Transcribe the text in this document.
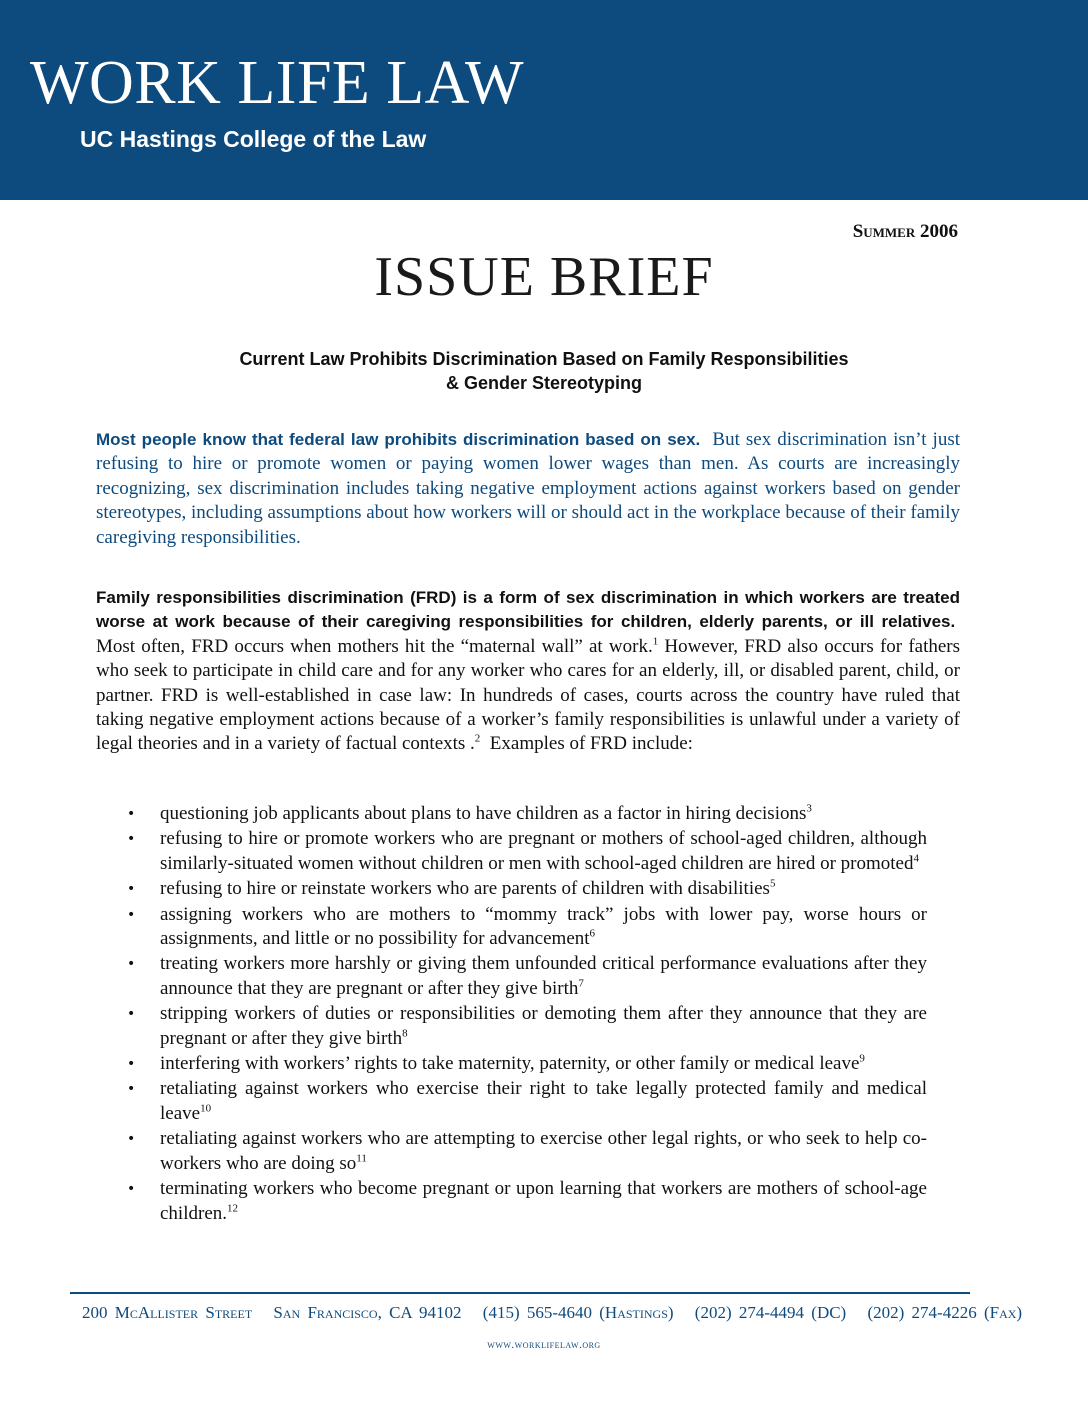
WORK LIFE LAW
UC Hastings College of the Law
Summer 2006
ISSUE BRIEF
Current Law Prohibits Discrimination Based on Family Responsibilities
& Gender Stereotyping

Most people know that federal law prohibits discrimination based on sex. But sex discrimination isn’t just refusing to hire or promote women or paying women lower wages than men. As courts are increasingly recognizing, sex discrimination includes taking negative employment actions against workers based on gender stereotypes, including assumptions about how workers will or should act in the workplace because of their family caregiving responsibilities.

Family responsibilities discrimination (FRD) is a form of sex discrimination in which workers are treated worse at work because of their caregiving responsibilities for children, elderly parents, or ill relatives.  Most often, FRD occurs when mothers hit the “maternal wall” at work.$^1$ However, FRD also occurs for fathers who seek to participate in child care and for any worker who cares for an elderly, ill, or disabled parent, child, or partner. FRD is well-established in case law: In hundreds of cases, courts across the country have ruled that taking negative employment actions because of a worker’s family responsibilities is unlawful under a variety of legal theories and in a variety of factual contexts .$^2$ Examples of FRD include:

• questioning job applicants about plans to have children as a factor in hiring decisions$^3$
• refusing to hire or promote workers who are pregnant or mothers of school-aged children, although similarly-situated women without children or men with school-aged children are hired or promoted$^4$
• refusing to hire or reinstate workers who are parents of children with disabilities$^5$
• assigning workers who are mothers to “mommy track” jobs with lower pay, worse hours or assignments, and little or no possibility for advancement$^6$
• treating workers more harshly or giving them unfounded critical performance evaluations after they announce that they are pregnant or after they give birth$^7$
• stripping workers of duties or responsibilities or demoting them after they announce that they are pregnant or after they give birth$^8$
• interfering with workers’ rights to take maternity, paternity, or other family or medical leave$^9$
• retaliating against workers who exercise their right to take legally protected family and medical leave$^{10}$
• retaliating against workers who are attempting to exercise other legal rights, or who seek to help co-workers who are doing $so^{11}$
• terminating workers who become pregnant or upon learning that workers are mothers of school-age children.$^{12}$
200 McAllister Street San Francisco, CA 94102 (415) 565-4640 (Hastings) (202) 274-4494 (DC) (202) 274-4226 (Fax)
www.worklifelaw.org
